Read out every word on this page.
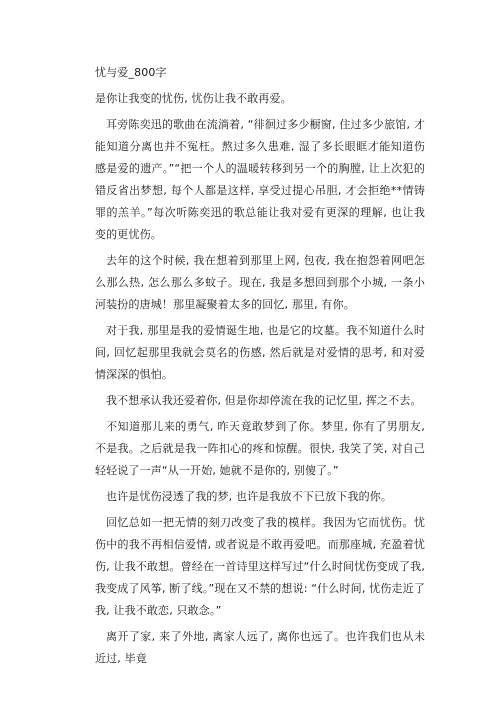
忧与爱_800字

是你让我变的忧伤, 忧伤让我不敢再爱。

耳旁陈奕迅的歌曲在流淌着, “徘徊过多少橱窗, 住过多少旅馆, 才能知道分离也并不冤枉。熬过多久患难, 湿了多长眼眶才能知道伤感是爱的遗产。”“把一个人的温暖转移到另一个的胸膛, 让上次犯的错反省出梦想, 每个人都是这样, 享受过提心吊胆, 才会拒绝**情铸罪的羔羊。”每次听陈奕迅的歌总能让我对爱有更深的理解, 也让我变的更忧伤。

去年的这个时候, 我在想着到那里上网, 包夜, 我在抱怨着网吧怎么那么热, 怎么那么多蚊子。现在, 我是多想回到那个小城, 一条小河装扮的唐城！那里凝聚着太多的回忆, 那里, 有你。

对于我, 那里是我的爱情诞生地, 也是它的坟墓。我不知道什么时间, 回忆起那里我就会莫名的伤感, 然后就是对爱情的思考, 和对爱情深深的惧怕。

我不想承认我还爱着你, 但是你却停流在我的记忆里, 挥之不去。

不知道那儿来的勇气, 昨天竟敢梦到了你。梦里, 你有了男朋友, 不是我。之后就是我一阵扣心的疼和惊醒。很快, 我笑了笑, 对自己轻轻说了一声“从一开始, 她就不是你的, 别傻了。”

也许是忧伤浸透了我的梦, 也许是我放不下已放下我的你。

回忆总如一把无情的刻刀改变了我的模样。我因为它而忧伤。忧伤中的我不再相信爱情, 或者说是不敢再爱吧。而那座城, 充盈着忧伤, 让我不敢想。曾经在一首诗里这样写过“什么时间忧伤变成了我, 我变成了风筝, 断了线。”现在又不禁的想说: “什么时间, 忧伤走近了我, 让我不敢恋, 只敢念。”

离开了家, 来了外地, 离家人远了, 离你也远了。也许我们也从未近过, 毕竟
